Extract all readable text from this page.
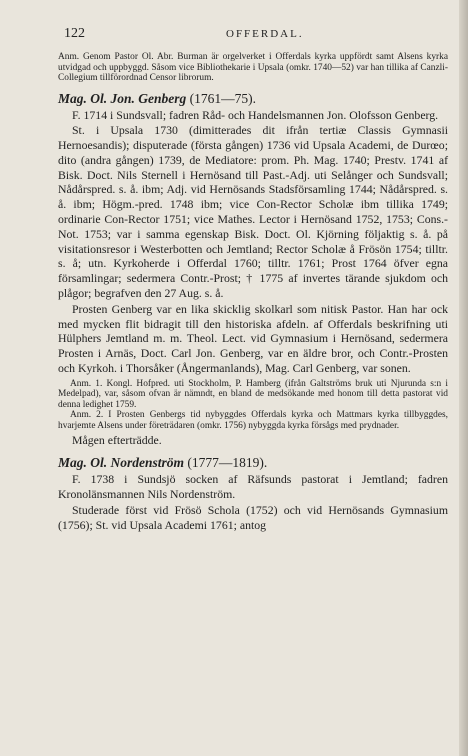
122	OFFERDAL.

Anm. Genom Pastor Ol. Abr. Burman är orgelverket i Offerdals kyrka uppfördt samt Alsens kyrka utvidgad och uppbyggd. Såsom vice Bibliothekarie i Upsala (omkr. 1740—52) var han tillika af Canzli-Collegium tillförordnad Censor librorum.

Mag. Ol. Jon. Genberg (1761—75).

F. 1714 i Sundsvall; fadren Råd- och Handelsmannen Jon. Olofsson Genberg.

St. i Upsala 1730 (dimitterades dit ifrån tertiæ Classis Gymnasii Hernoesandis); disputerade (första gången) 1736 vid Upsala Academi, de Durœo; dito (andra gången) 1739, de Mediatore: prom. Ph. Mag. 1740; Prestv. 1741 af Bisk. Doct. Nils Sternell i Hernösand till Past.-Adj. uti Selånger och Sundsvall; Nådårspred. s. å. ibm; Adj. vid Hernösands Stadsförsamling 1744; Nådårspred. s. å. ibm; Högm.-pred. 1748 ibm; vice Con-Rector Scholæ ibm tillika 1749; ordinarie Con-Rector 1751; vice Mathes. Lector i Hernösand 1752, 1753; Cons.-Not. 1753; var i samma egenskap Bisk. Doct. Ol. Kjörning följaktig s. å. på visitationsresor i Westerbotten och Jemtland; Rector Scholæ å Frösön 1754; tilltr. s. å; utn. Kyrkoherde i Offerdal 1760; tilltr. 1761; Prost 1764 öfver egna församlingar; sedermera Contr.-Prost; † 1775 af invertes tärande sjukdom och plågor; begrafven den 27 Aug. s. å.

Prosten Genberg var en lika skicklig skolkarl som nitisk Pastor. Han har ock med mycken flit bidragit till den historiska afdeln. af Offerdals beskrifning uti Hülphers Jemtland m. m. Theol. Lect. vid Gymnasium i Hernösand, sedermera Prosten i Arnäs, Doct. Carl Jon. Genberg, var en äldre bror, och Contr.-Prosten och Kyrkoh. i Thorsåker (Ångermanlands), Mag. Carl Genberg, var sonen.

Anm. 1. Kongl. Hofpred. uti Stockholm, P. Hamberg (ifrån Galtströms bruk uti Njurunda s:n i Medelpad), var, såsom ofvan är nämndt, en bland de medsökande med honom till detta pastorat vid denna ledighet 1759.

Anm. 2. I Prosten Genbergs tid nybyggdes Offerdals kyrka och Mattmars kyrka tillbyggdes, hvarjemte Alsens under företrädaren (omkr. 1756) nybyggda kyrka försågs med prydnader.

Mågen efterträdde.

Mag. Ol. Nordenström (1777—1819).

F. 1738 i Sundsjö socken af Räfsunds pastorat i Jemtland; fadren Kronolänsmannen Nils Nordenström.

Studerade först vid Frösö Schola (1752) och vid Hernösands Gymnasium (1756); St. vid Upsala Academi 1761; antog
